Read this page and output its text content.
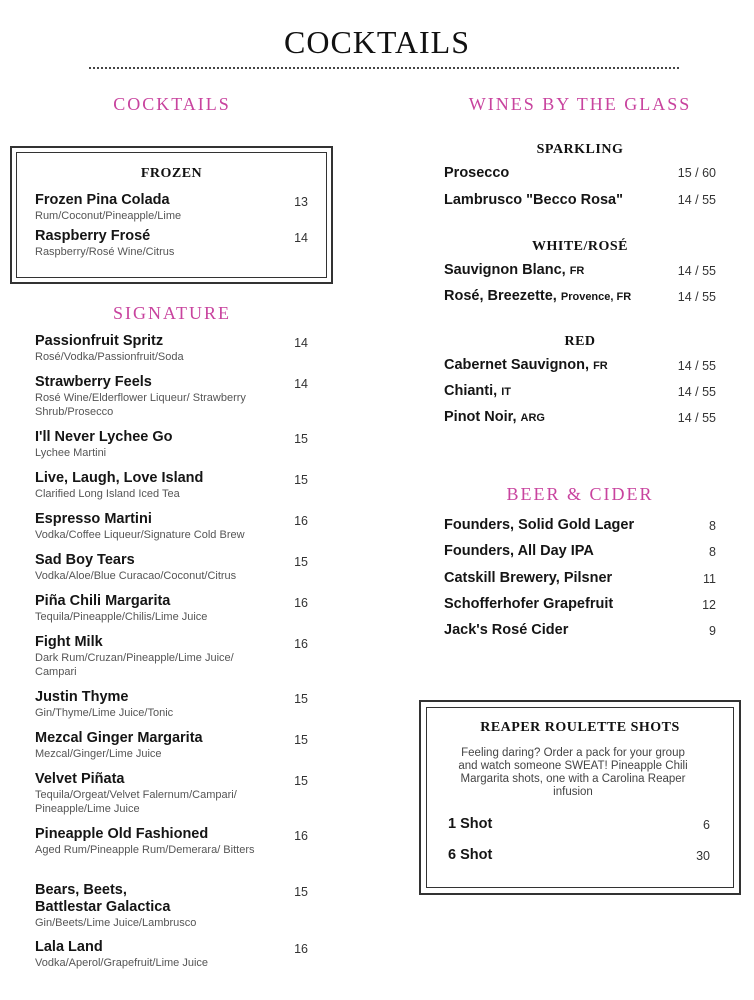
COCKTAILS
COCKTAILS
FROZEN
Frozen Pina Colada
Rum/Coconut/Pineapple/Lime
13
Raspberry Frosé
Raspberry/Rosé Wine/Citrus
14
SIGNATURE
Passionfruit Spritz
Rosé/Vodka/Passionfruit/Soda
14
Strawberry Feels
Rosé Wine/Elderflower Liqueur/ Strawberry Shrub/Prosecco
14
I'll Never Lychee Go
Lychee Martini
15
Live, Laugh, Love Island
Clarified Long Island Iced Tea
15
Espresso Martini
Vodka/Coffee Liqueur/Signature Cold Brew
16
Sad Boy Tears
Vodka/Aloe/Blue Curacao/Coconut/Citrus
15
Piña Chili Margarita
Tequila/Pineapple/Chilis/Lime Juice
16
Fight Milk
Dark Rum/Cruzan/Pineapple/Lime Juice/ Campari
16
Justin Thyme
Gin/Thyme/Lime Juice/Tonic
15
Mezcal Ginger Margarita
Mezcal/Ginger/Lime Juice
15
Velvet Piñata
Tequila/Orgeat/Velvet Falernum/Campari/ Pineapple/Lime Juice
15
Pineapple Old Fashioned
Aged Rum/Pineapple Rum/Demerara/ Bitters
16
Bears, Beets,
Battlestar Galactica
Gin/Beets/Lime Juice/Lambrusco
15
Lala Land
Vodka/Aperol/Grapefruit/Lime Juice
16
WINES BY THE GLASS
SPARKLING
Prosecco	15 / 60
Lambrusco "Becco Rosa"	14 / 55
WHITE/ROSÉ
Sauvignon Blanc, FR	14 / 55
Rosé, Breezette, Provence, FR	14 / 55
RED
Cabernet Sauvignon, FR	14 / 55
Chianti, IT	14 / 55
Pinot Noir, ARG	14 / 55
BEER & CIDER
Founders, Solid Gold Lager	8
Founders, All Day IPA	8
Catskill Brewery, Pilsner	11
Schofferhofer Grapefruit	12
Jack's Rosé Cider	9
REAPER ROULETTE SHOTS
Feeling daring? Order a pack for your group and watch someone SWEAT! Pineapple Chili Margarita shots, one with a Carolina Reaper infusion
1 Shot	6
6 Shot	30
